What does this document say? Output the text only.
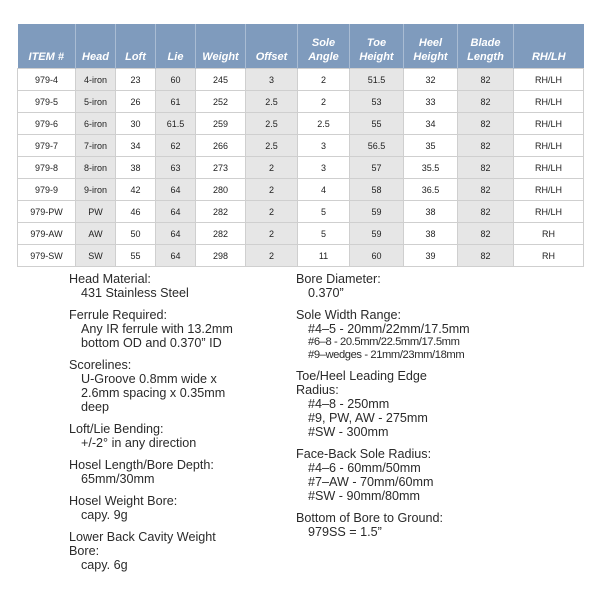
ITEM #	Head	Loft	Lie	Weight	Offset	Sole Angle	Toe Height	Heel Height	Blade Length	RH/LH
979-4	4-iron	23	60	245	3	2	51.5	32	82	RH/LH
979-5	5-iron	26	61	252	2.5	2	53	33	82	RH/LH
979-6	6-iron	30	61.5	259	2.5	2.5	55	34	82	RH/LH
979-7	7-iron	34	62	266	2.5	3	56.5	35	82	RH/LH
979-8	8-iron	38	63	273	2	3	57	35.5	82	RH/LH
979-9	9-iron	42	64	280	2	4	58	36.5	82	RH/LH
979-PW	PW	46	64	282	2	5	59	38	82	RH/LH
979-AW	AW	50	64	282	2	5	59	38	82	RH
979-SW	SW	55	64	298	2	11	60	39	82	RH
Head Material:
431 Stainless Steel
Ferrule Required:
Any IR ferrule with 13.2mm
bottom OD and 0.370” ID
Scorelines:
U-Groove 0.8mm wide x
2.6mm spacing x 0.35mm
deep
Loft/Lie Bending:
+/-2° in any direction
Hosel Length/Bore Depth:
65mm/30mm
Hosel Weight Bore:
capy. 9g
Lower Back Cavity Weight
Bore:
capy. 6g
Bore Diameter:
0.370”
Sole Width Range:
#4–5 - 20mm/22mm/17.5mm
#6–8 - 20.5mm/22.5mm/17.5mm
#9–wedges - 21mm/23mm/18mm
Toe/Heel Leading Edge
Radius:
#4–8 - 250mm
#9, PW, AW - 275mm
#SW - 300mm
Face-Back Sole Radius:
#4–6 - 60mm/50mm
#7–AW - 70mm/60mm
#SW - 90mm/80mm
Bottom of Bore to Ground:
979SS = 1.5”
